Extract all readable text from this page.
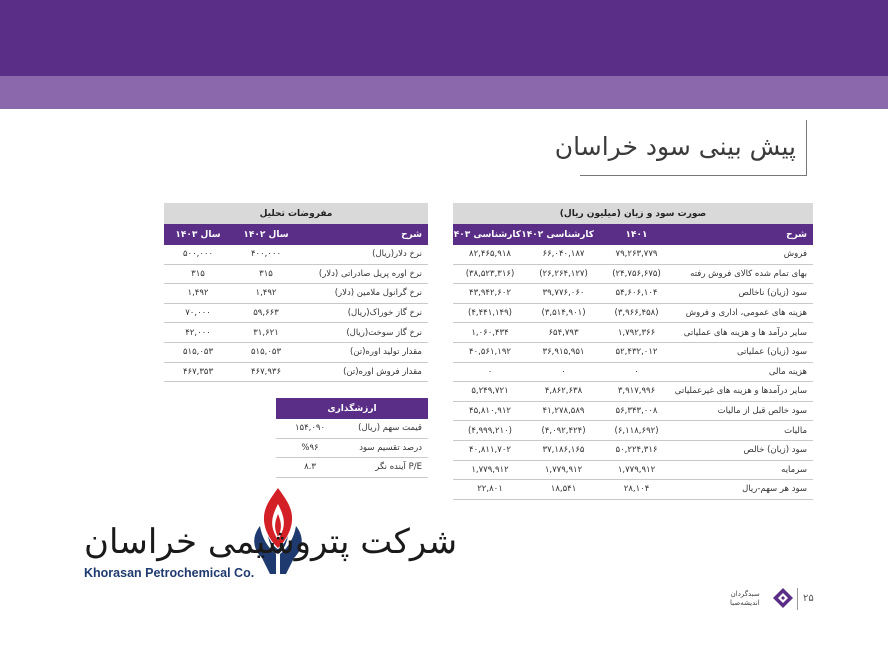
پیش بینی سود خراسان
صورت سود و زیان (میلیون ریال)			
شرح	۱۴۰۱	کارشناسی ۱۴۰۲	کارشناسی ۱۴۰۳
فروش	۷۹,۲۶۳,۷۷۹	۶۶,۰۴۰,۱۸۷	۸۲,۴۶۵,۹۱۸
بهای تمام شده کالای فروش رفته	(۲۴,۷۵۶,۶۷۵)	(۲۶,۲۶۴,۱۲۷)	(۳۸,۵۲۳,۳۱۶)
سود (زیان) ناخالص	۵۴,۶۰۶,۱۰۴	۳۹,۷۷۶,۰۶۰	۴۳,۹۴۲,۶۰۲
هزینه های عمومی، اداری و فروش	(۳,۹۶۶,۴۵۸)	(۳,۵۱۴,۹۰۱)	(۴,۴۴۱,۱۴۹)
سایر درآمد ها و هزینه های عملیاتی	۱,۷۹۲,۳۶۶	۶۵۴,۷۹۳	۱,۰۶۰,۴۳۴
سود (زیان) عملیاتی	۵۲,۴۳۲,۰۱۲	۳۶,۹۱۵,۹۵۱	۴۰,۵۶۱,۱۹۲
هزینه مالی	۰	۰	۰
سایر درآمدها و هزینه های غیرعملیاتی	۳,۹۱۷,۹۹۶	۴,۸۶۲,۶۳۸	۵,۲۴۹,۷۲۱
سود خالص قبل از مالیات	۵۶,۳۴۳,۰۰۸	۴۱,۲۷۸,۵۸۹	۴۵,۸۱۰,۹۱۲
مالیات	(۶,۱۱۸,۶۹۲)	(۴,۰۹۲,۴۲۴)	(۴,۹۹۹,۲۱۰)
سود (زیان) خالص	۵۰,۲۲۴,۳۱۶	۳۷,۱۸۶,۱۶۵	۴۰,۸۱۱,۷۰۲
سرمایه	۱,۷۷۹,۹۱۲	۱,۷۷۹,۹۱۲	۱,۷۷۹,۹۱۲
سود هر سهم-ریال	۲۸,۱۰۴	۱۸,۵۴۱	۲۲,۸۰۱
مفروضات تحلیل		
شرح	سال ۱۴۰۲	سال ۱۴۰۳
نرخ دلار(ریال)	۴۰۰,۰۰۰	۵۰۰,۰۰۰
نرخ اوره پریل صادراتی (دلار)	۳۱۵	۳۱۵
نرخ گرانول ملامین (دلار)	۱,۴۹۲	۱,۴۹۲
نرخ گاز خوراک(ریال)	۵۹,۶۶۳	۷۰,۰۰۰
نرخ گاز سوخت(ریال)	۳۱,۶۲۱	۴۲,۰۰۰
مقدار تولید اوره(تن)	۵۱۵,۰۵۳	۵۱۵,۰۵۳
مقدار فروش اوره(تن)	۴۶۷,۹۳۶	۴۶۷,۳۵۳
ارزشگذاری	
قیمت سهم (ریال)	۱۵۴,۰۹۰
درصد تقسیم سود	%۹۶
P/E آینده نگر	۸.۳
شرکت پتروشیمی خراسان
Khorasan Petrochemical Co.
۲۵
سبدگردان
اندیشه‌صبا
